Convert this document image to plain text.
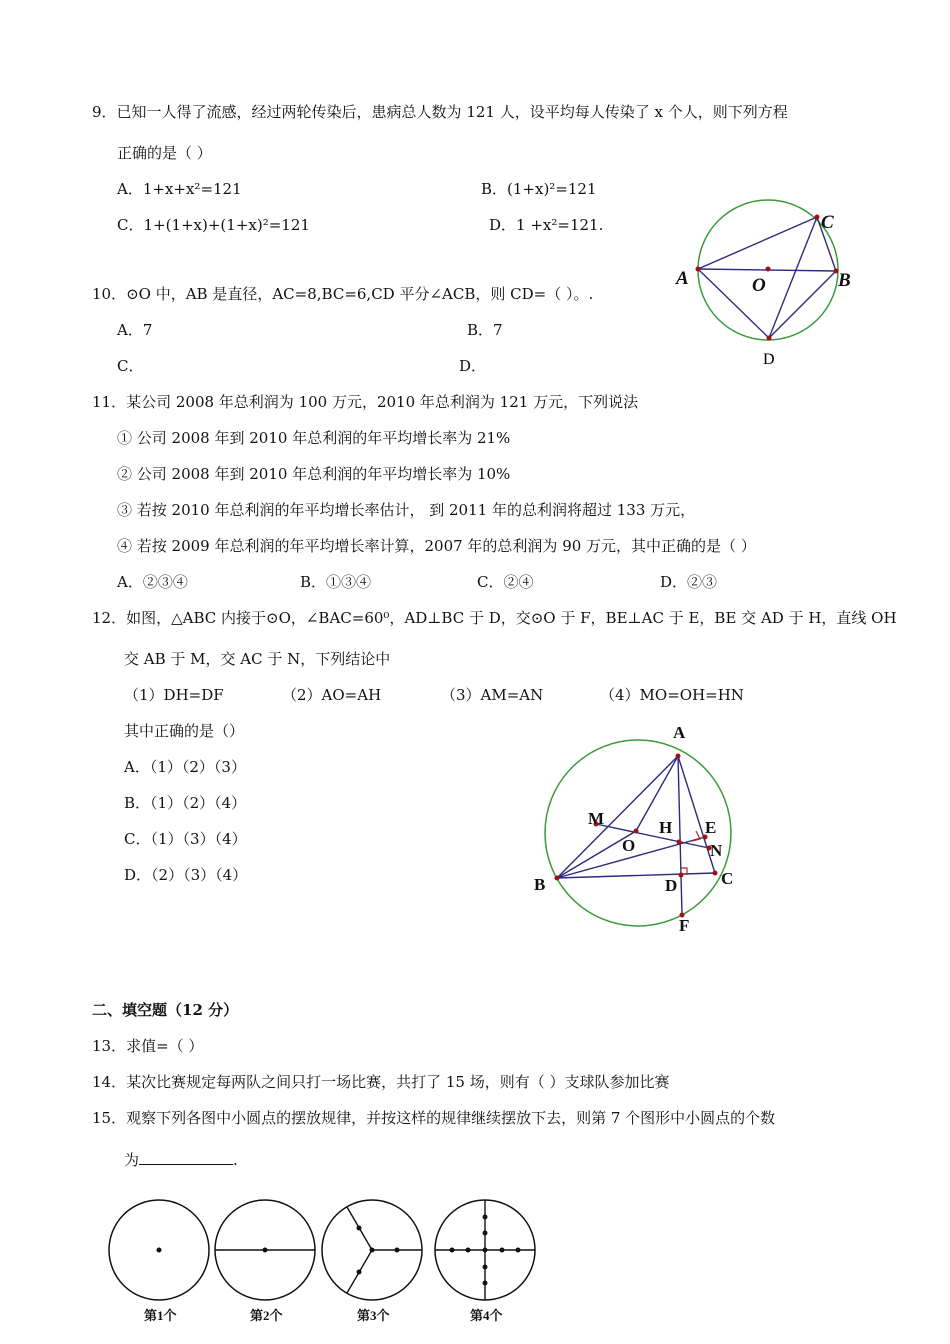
9．已知一人得了流感，经过两轮传染后，患病总人数为 121 人，设平均每人传染了 x 个人，则下列方程
正确的是（ ）
A．1+x+x²=121	B．(1+x)²=121
C．1+(1+x)+(1+x)²=121	D．1 +x²=121.
A	B
C
O
D
10．⊙O 中，AB 是直径，AC=8,BC=6,CD 平分∠ACB，则 CD=（ ）。.
A．7	B．7
C．	D．
11．某公司 2008 年总利润为 100 万元，2010 年总利润为 121 万元，下列说法
① 公司 2008 年到 2010 年总利润的年平均增长率为 21%
② 公司 2008 年到 2010 年总利润的年平均增长率为 10%
③ 若按 2010 年总利润的年平均增长率估计， 到 2011 年的总利润将超过 133 万元，
④ 若按 2009 年总利润的年平均增长率计算，2007 年的总利润为 90 万元，其中正确的是（ ）
A．②③④	B．①③④	C．②④	D．②③
12．如图，△ABC 内接于⊙O，∠BAC=60⁰，AD⊥BC 于 D，交⊙O 于 F，BE⊥AC 于 E，BE 交 AD 于 H，直线 OH
交 AB 于 M，交 AC 于 N，下列结论中
（1）DH=DF	（2）AO=AH	（3）AM=AN	（4）MO=OH=HN
其中正确的是（）
A．（1）（2）（3）
B．（1）（2）（4）
C．（1）（3）（4）
D．（2）（3）（4）
A
B	C
D
E
F
H
M
N
O
二、填空题（12 分）
13．求值=（ ）
14．某次比赛规定每两队之间只打一场比赛，共打了 15 场，则有（ ）支球队参加比赛
15．观察下列各图中小圆点的摆放规律，并按这样的规律继续摆放下去，则第 7 个图形中小圆点的个数
为	.
第1个	第2个	第3个	第4个
